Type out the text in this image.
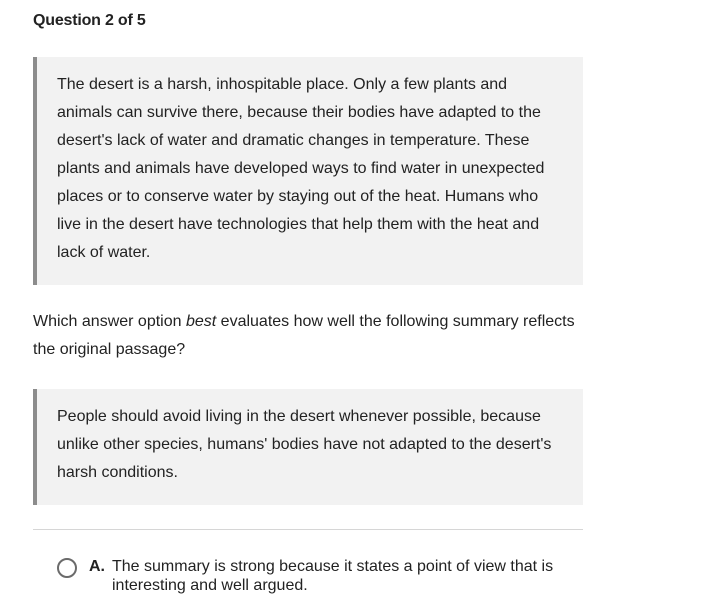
Question 2 of 5
The desert is a harsh, inhospitable place. Only a few plants and animals can survive there, because their bodies have adapted to the desert's lack of water and dramatic changes in temperature. These plants and animals have developed ways to find water in unexpected places or to conserve water by staying out of the heat. Humans who live in the desert have technologies that help them with the heat and lack of water.
Which answer option best evaluates how well the following summary reflects the original passage?
People should avoid living in the desert whenever possible, because unlike other species, humans' bodies have not adapted to the desert's harsh conditions.
A. The summary is strong because it states a point of view that is interesting and well argued.
